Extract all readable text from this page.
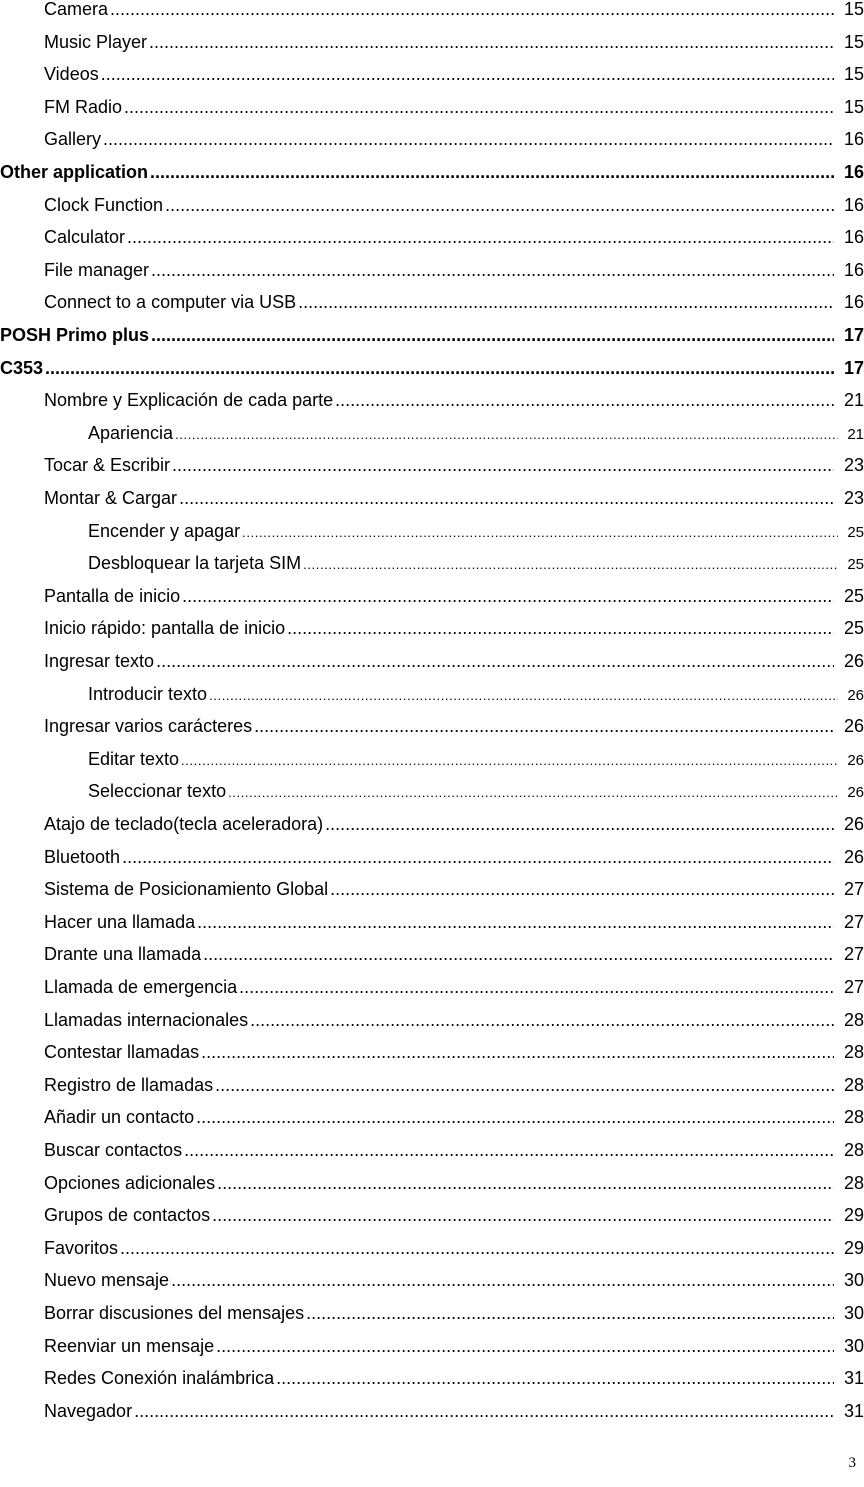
Camera .....	15
Music Player .....	15
Videos .....	15
FM Radio .....	15
Gallery .....	16
Other application .....	16
Clock Function .....	16
Calculator .....	16
File manager .....	16
Connect to a computer via USB .....	16
POSH Primo plus .....	17
C353 .....	17
Nombre y Explicación de cada parte .....	21
Apariencia .....	21
Tocar & Escribir .....	23
Montar & Cargar .....	23
Encender y apagar .....	25
Desbloquear la tarjeta SIM .....	25
Pantalla de inicio .....	25
Inicio rápido: pantalla de inicio .....	25
Ingresar texto .....	26
Introducir texto .....	26
Ingresar varios carácteres .....	26
Editar texto .....	26
Seleccionar texto .....	26
Atajo de teclado(tecla aceleradora) .....	26
Bluetooth .....	26
Sistema de Posicionamiento Global .....	27
Hacer una llamada .....	27
Drante una llamada .....	27
Llamada de emergencia .....	27
Llamadas internacionales .....	28
Contestar llamadas .....	28
Registro de llamadas .....	28
Añadir un contacto .....	28
Buscar contactos .....	28
Opciones adicionales .....	28
Grupos de contactos .....	29
Favoritos .....	29
Nuevo mensaje .....	30
Borrar discusiones del mensajes .....	30
Reenviar un mensaje .....	30
Redes Conexión inalámbrica .....	31
Navegador .....	31
3
